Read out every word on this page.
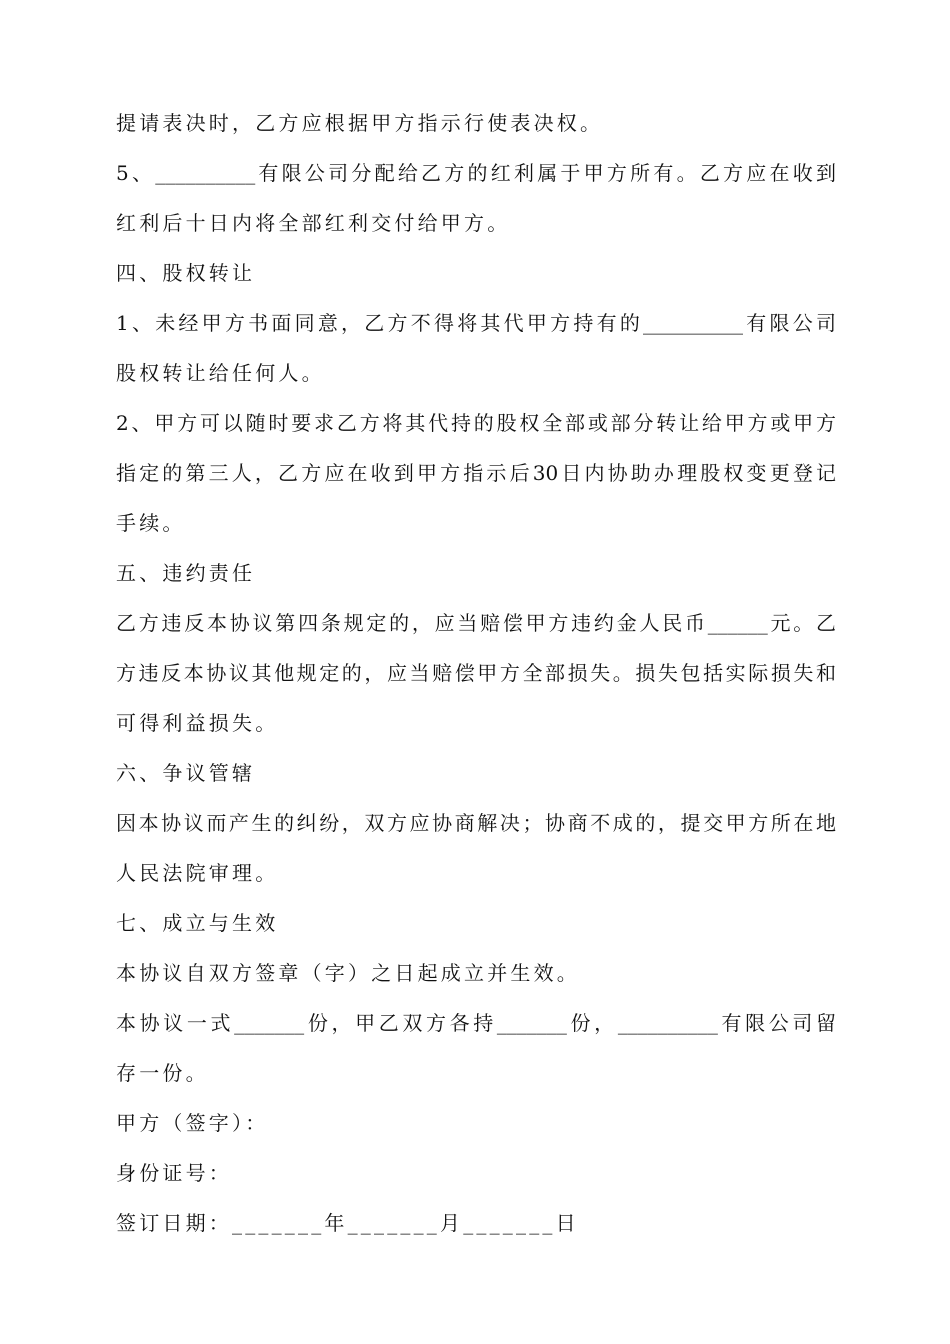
提请表决时，乙方应根据甲方指示行使表决权。
5、__________有限公司分配给乙方的红利属于甲方所有。乙方应在收到
红利后十日内将全部红利交付给甲方。
四、股权转让
1、未经甲方书面同意，乙方不得将其代甲方持有的__________有限公司
股权转让给任何人。
2、甲方可以随时要求乙方将其代持的股权全部或部分转让给甲方或甲方
指定的第三人，乙方应在收到甲方指示后30日内协助办理股权变更登记
手续。
五、违约责任
乙方违反本协议第四条规定的，应当赔偿甲方违约金人民币______元。乙
方违反本协议其他规定的，应当赔偿甲方全部损失。损失包括实际损失和
可得利益损失。
六、争议管辖
因本协议而产生的纠纷，双方应协商解决；协商不成的，提交甲方所在地
人民法院审理。
七、成立与生效
本协议自双方签章（字）之日起成立并生效。
本协议一式_______份，甲乙双方各持_______份，__________有限公司留
存一份。
甲方（签字）：
身份证号：
签订日期：_______年_______月_______日
